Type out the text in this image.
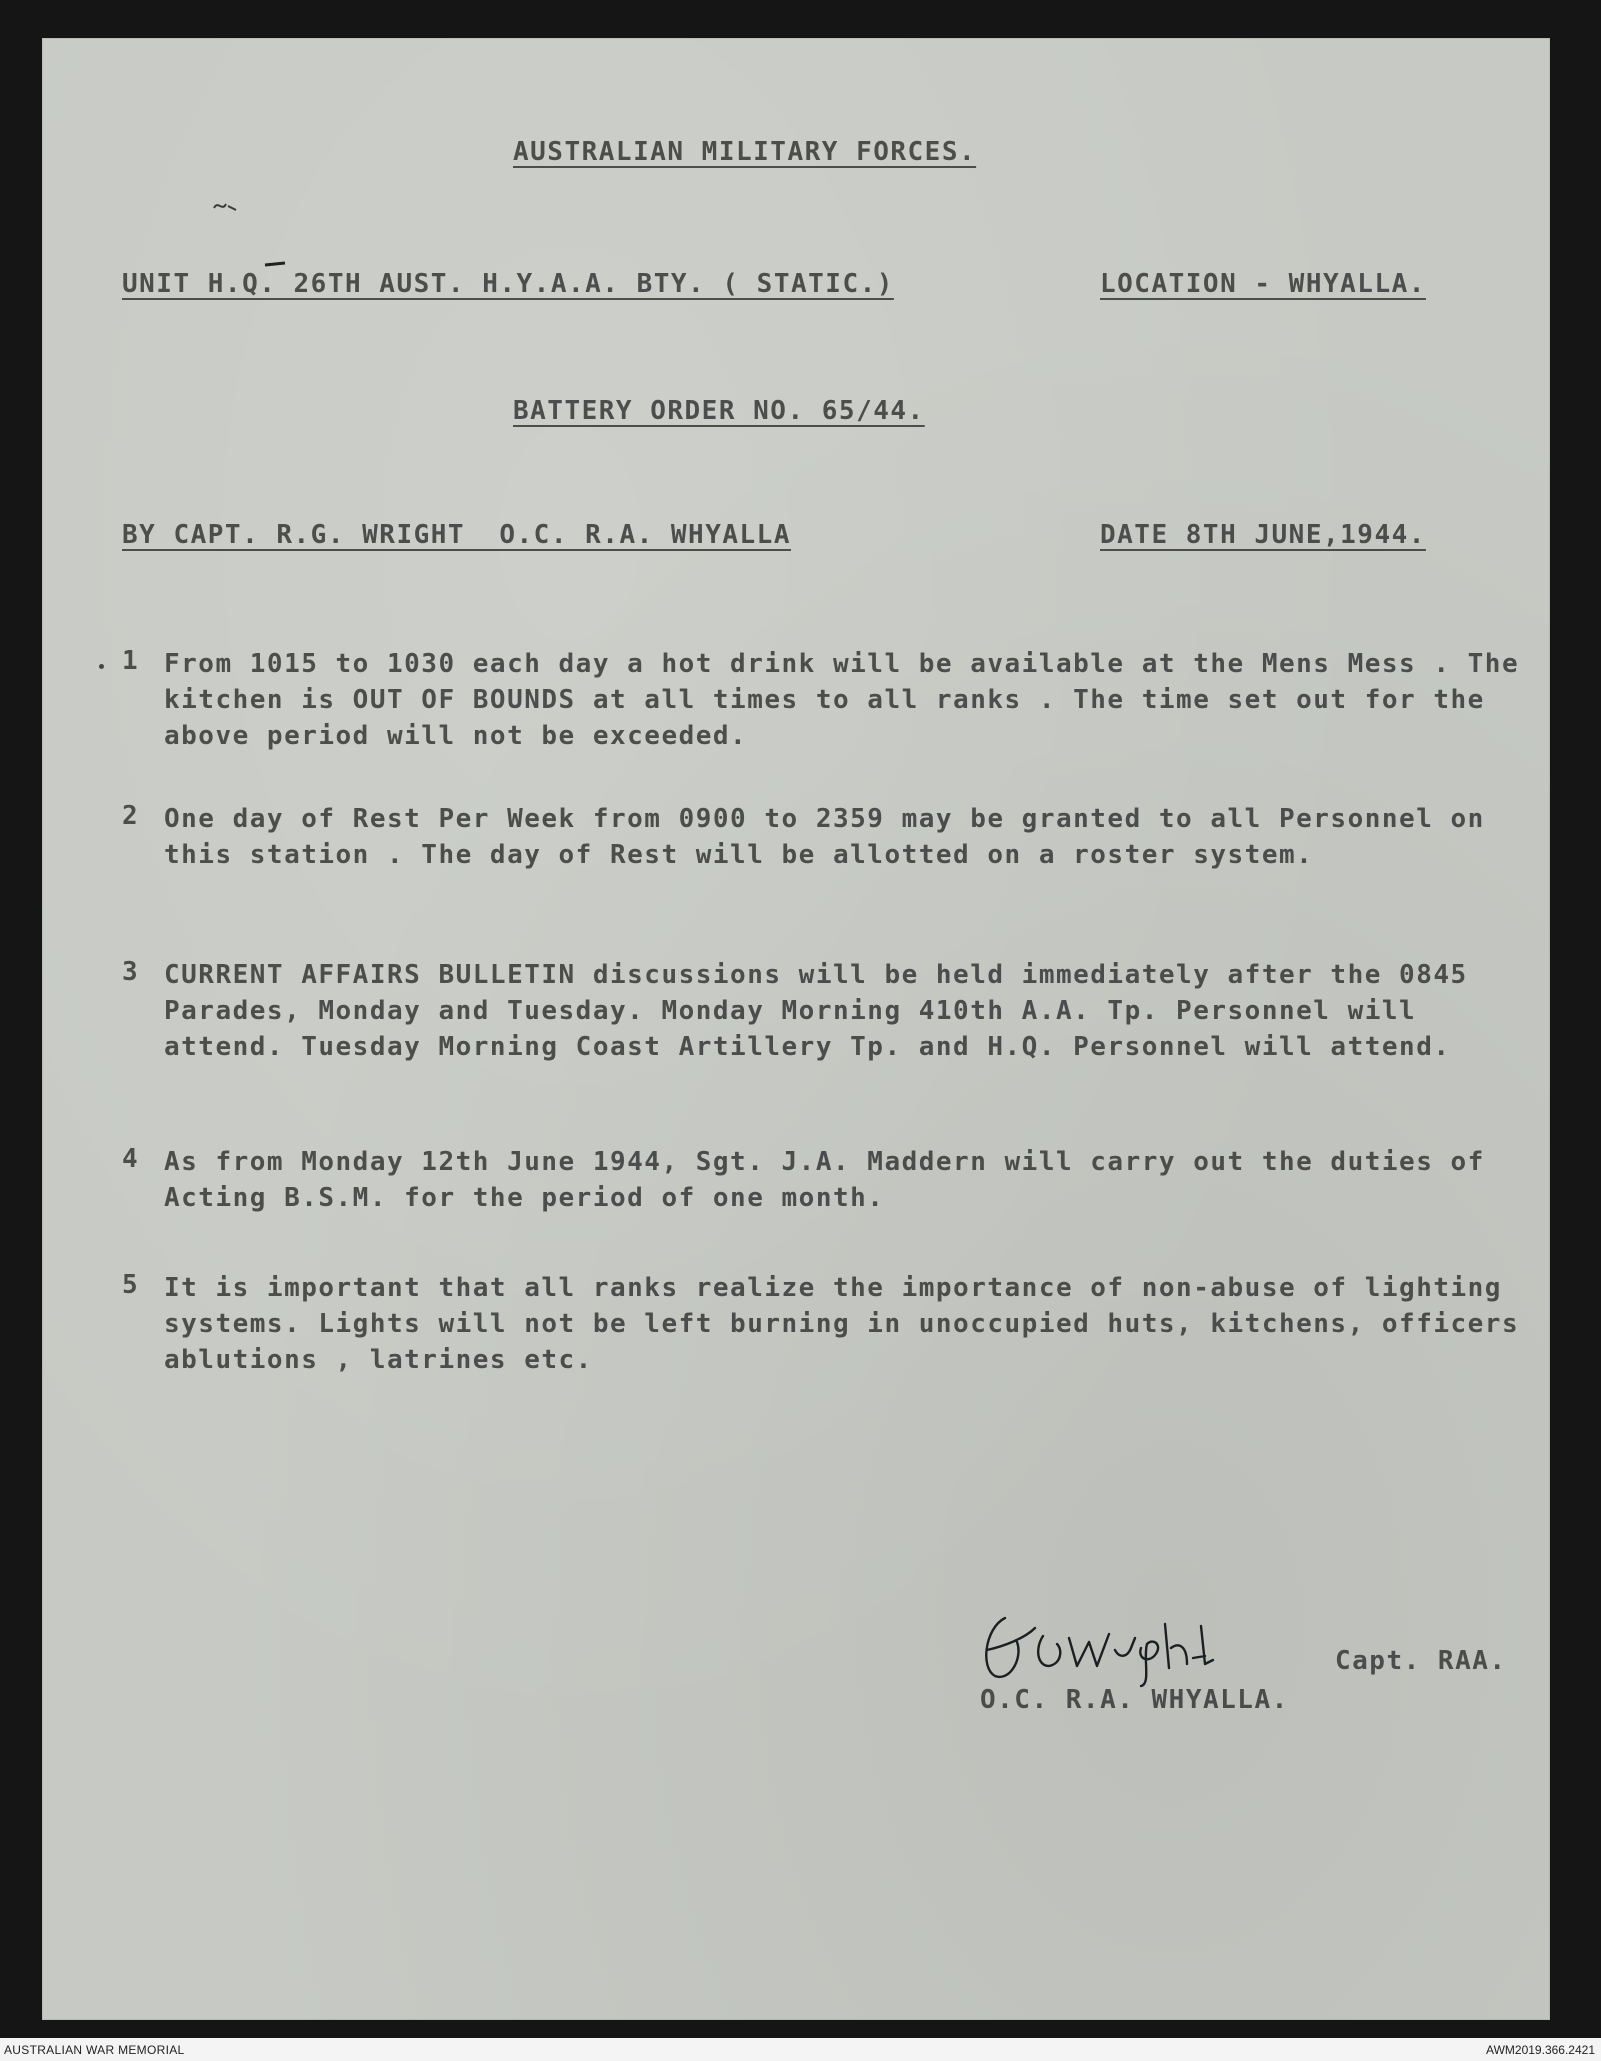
AUSTRALIAN MILITARY FORCES.
UNIT H.Q. 26TH AUST. H.Y.A.A. BTY. ( STATIC.)	LOCATION - WHYALLA.
BATTERY ORDER NO. 65/44.
BY CAPT. R.G. WRIGHT  O.C. R.A. WHYALLA	DATE 8TH JUNE,1944.
1 From 1015 to 1030 each day a hot drink will be available at the Mens Mess . The kitchen is OUT OF BOUNDS at all times to all ranks . The time set out for the above period will not be exceeded.
2 One day of Rest Per Week from 0900 to 2359 may be granted to all Personnel on this station . The day of Rest will be allotted on a roster system.
3 CURRENT AFFAIRS BULLETIN discussions will be held immediately after the 0845 Parades, Monday and Tuesday. Monday Morning 410th A.A. Tp. Personnel will attend. Tuesday Morning Coast Artillery Tp. and H.Q. Personnel will attend.
4 As from Monday 12th June 1944, Sgt. J.A. Maddern will carry out the duties of Acting B.S.M. for the period of one month.
5 It is important that all ranks realize the importance of non-abuse of lighting systems. Lights will not be left burning in unoccupied huts, kitchens, officers ablutions , latrines etc.
Capt. RAA.
O.C. R.A. WHYALLA.
AUSTRALIAN WAR MEMORIAL	AWM2019.366.2421
